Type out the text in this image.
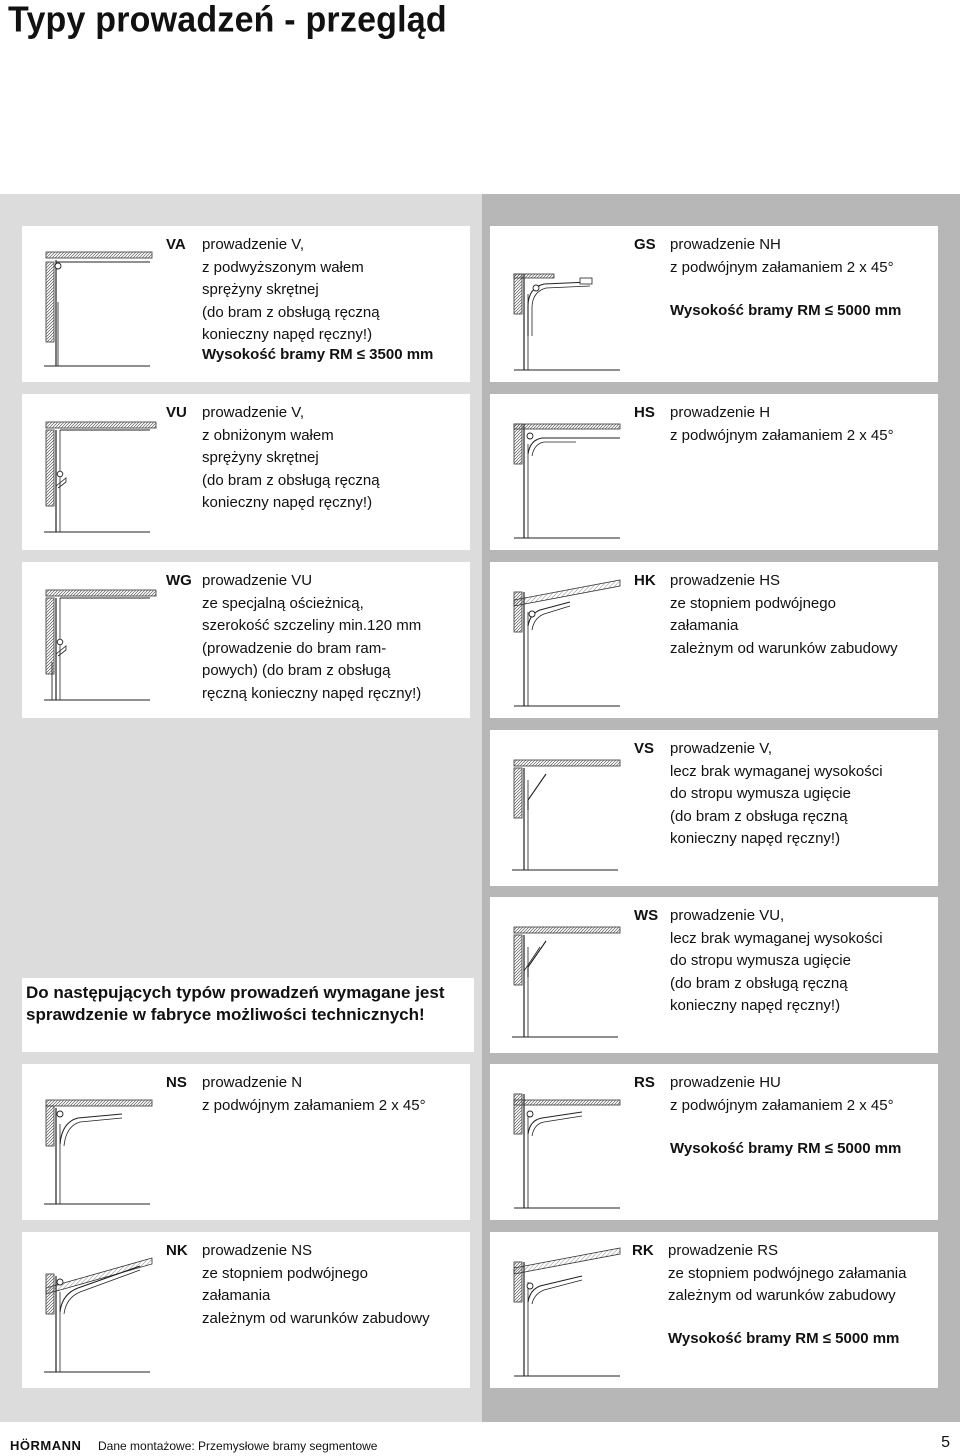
Typy prowadzeń - przegląd
VA prowadzenie V,
z podwyższonym wałem
sprężyny skrętnej
(do bram z obsługą ręczną
konieczny napęd ręczny!)
Wysokość bramy RM ≤ 3500 mm
VU prowadzenie V,
z obniżonym wałem
sprężyny skrętnej
(do bram z obsługą ręczną
konieczny napęd ręczny!)
WG prowadzenie VU
ze specjalną ościeżnicą,
szerokość szczeliny min.120 mm
(prowadzenie do bram ram-
powych) (do bram z obsługą
ręczną konieczny napęd ręczny!)
Do następujących typów prowadzeń wymagane jest sprawdzenie w fabryce możliwości technicznych!
NS prowadzenie N
z podwójnym załamaniem 2 x 45°
NK prowadzenie NS
ze stopniem podwójnego
załamania
zależnym od warunków zabudowy
GS prowadzenie NH
z podwójnym załamaniem 2 x 45°
Wysokość bramy RM ≤ 5000 mm
HS prowadzenie H
z podwójnym załamaniem 2 x 45°
HK prowadzenie HS
ze stopniem podwójnego
załamania
zależnym od warunków zabudowy
VS prowadzenie V,
lecz brak wymaganej wysokości
do stropu wymusza ugięcie
(do bram z obsługa ręczną
konieczny napęd ręczny!)
WS prowadzenie VU,
lecz brak wymaganej wysokości
do stropu wymusza ugięcie
(do bram z obsługą ręczną
konieczny napęd ręczny!)
RS prowadzenie HU
z podwójnym załamaniem 2 x 45°
Wysokość bramy RM ≤ 5000 mm
RK prowadzenie RS
ze stopniem podwójnego załamania
zależnym od warunków zabudowy
Wysokość bramy RM ≤ 5000 mm
HÖRMANN Dane montażowe: Przemysłowe bramy segmentowe	5
